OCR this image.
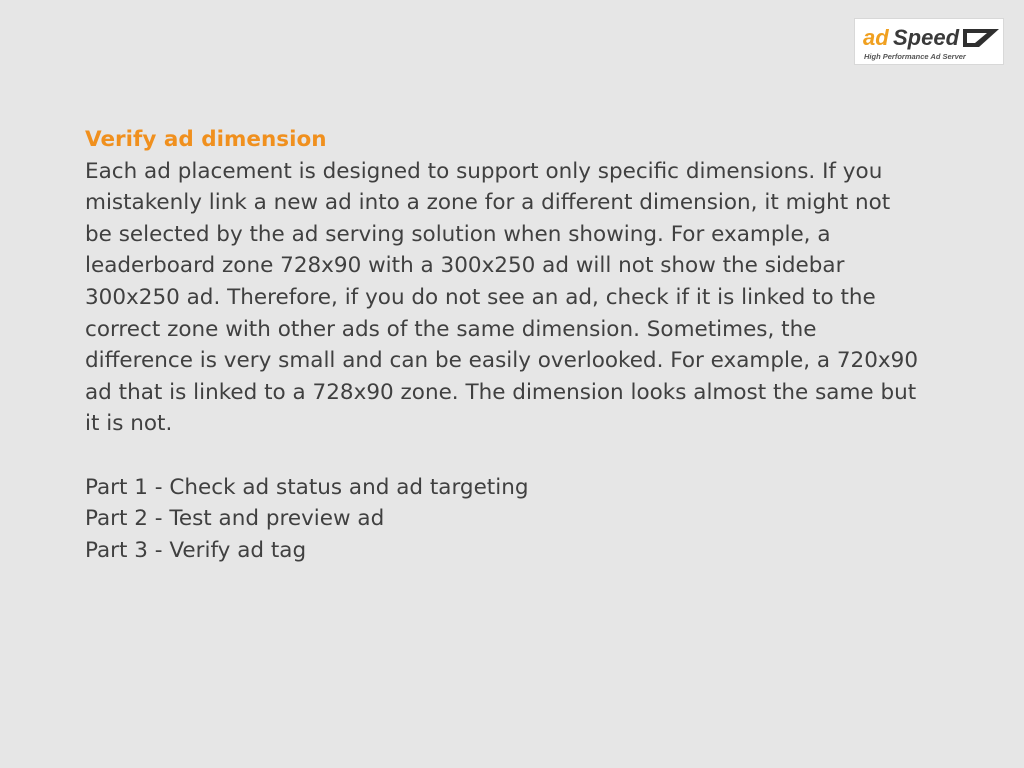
ad Speed
High Performance Ad Server
Verify ad dimension
Each ad placement is designed to support only specific dimensions. If you
mistakenly link a new ad into a zone for a different dimension, it might not
be selected by the ad serving solution when showing. For example, a
leaderboard zone 728x90 with a 300x250 ad will not show the sidebar
300x250 ad. Therefore, if you do not see an ad, check if it is linked to the
correct zone with other ads of the same dimension. Sometimes, the
difference is very small and can be easily overlooked. For example, a 720x90
ad that is linked to a 728x90 zone. The dimension looks almost the same but
it is not.
Part 1 - Check ad status and ad targeting
Part 2 - Test and preview ad
Part 3 - Verify ad tag
